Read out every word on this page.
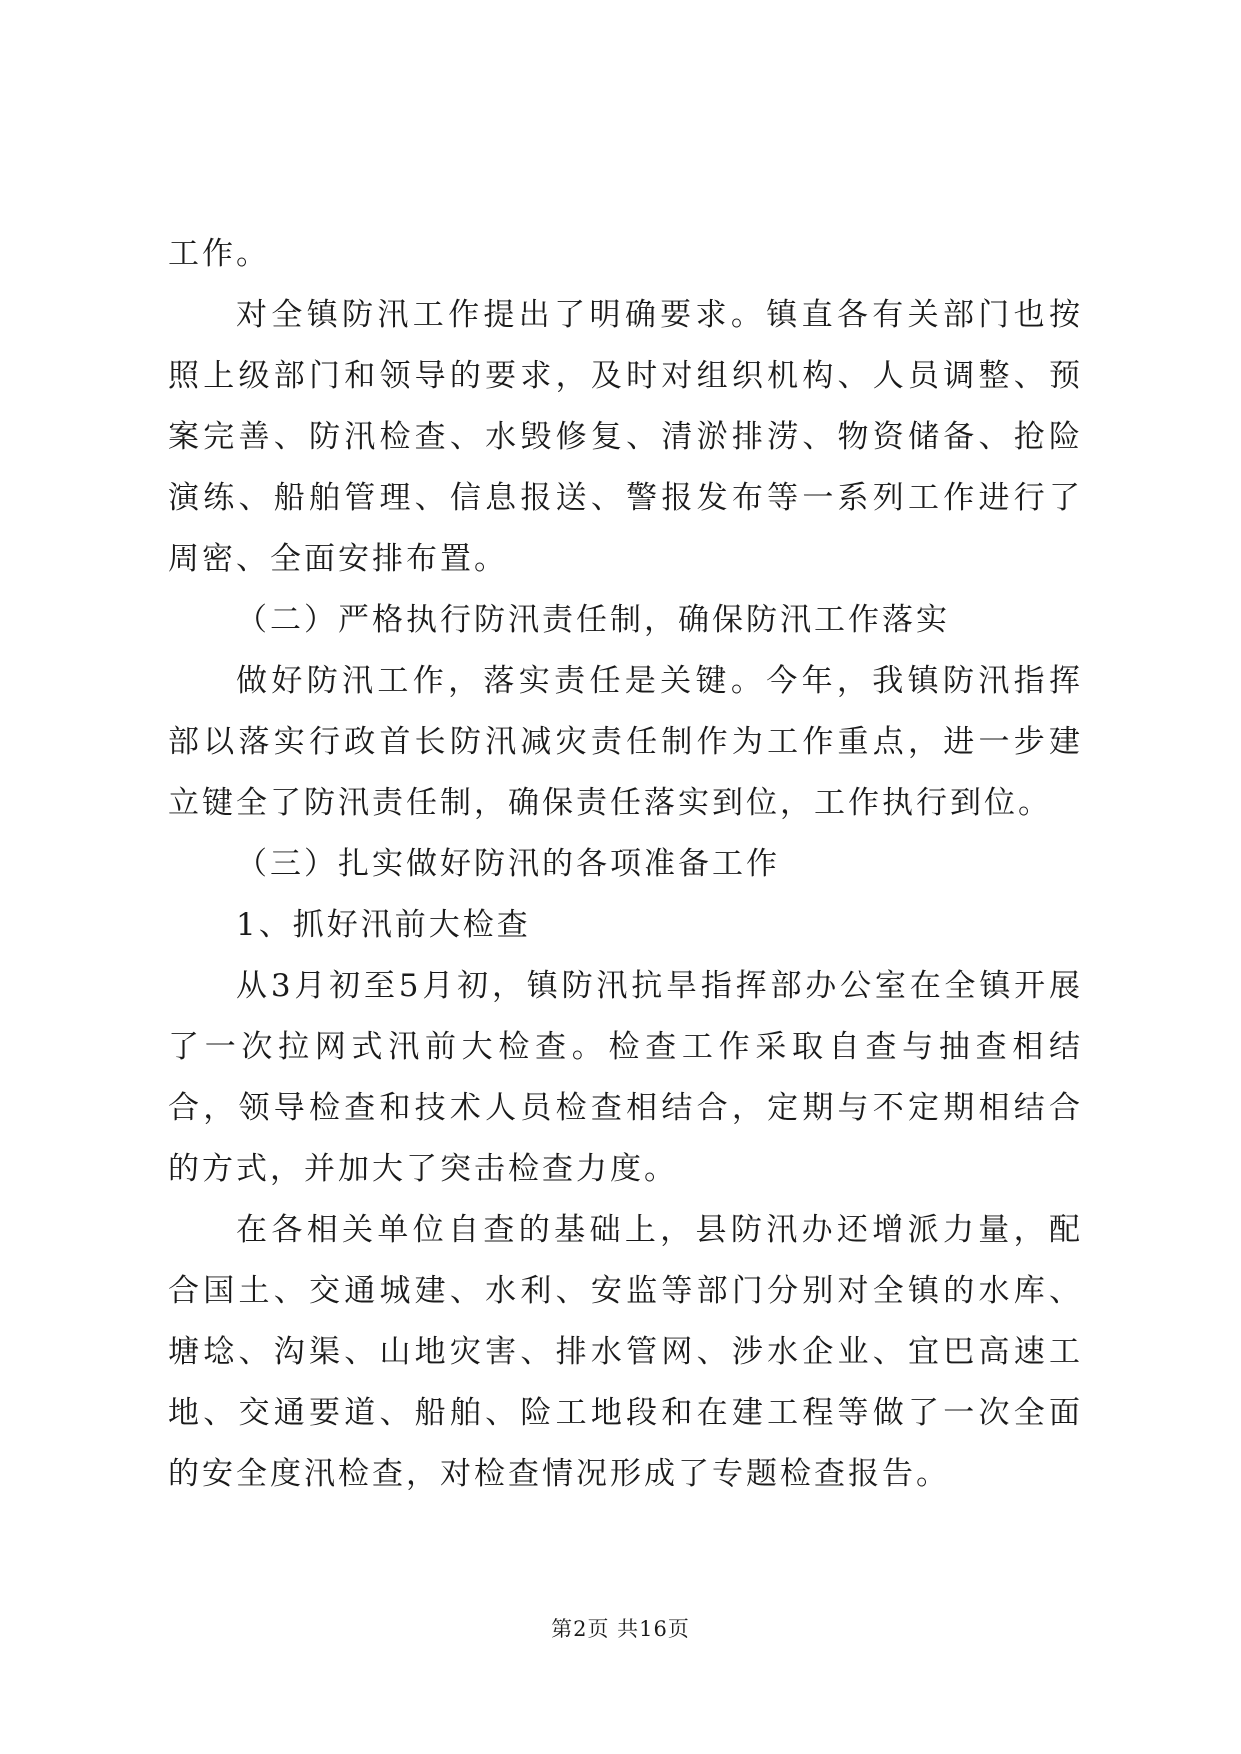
工作。

对全镇防汛工作提出了明确要求。镇直各有关部门也按照上级部门和领导的要求，及时对组织机构、人员调整、预案完善、防汛检查、水毁修复、清淤排涝、物资储备、抢险演练、船舶管理、信息报送、警报发布等一系列工作进行了周密、全面安排布置。

（二）严格执行防汛责任制，确保防汛工作落实

做好防汛工作，落实责任是关键。今年，我镇防汛指挥部以落实行政首长防汛减灾责任制作为工作重点，进一步建立键全了防汛责任制，确保责任落实到位，工作执行到位。

（三）扎实做好防汛的各项准备工作

1、抓好汛前大检查

从3月初至5月初，镇防汛抗旱指挥部办公室在全镇开展了一次拉网式汛前大检查。检查工作采取自查与抽查相结合，领导检查和技术人员检查相结合，定期与不定期相结合的方式，并加大了突击检查力度。

在各相关单位自查的基础上，县防汛办还增派力量，配合国土、交通城建、水利、安监等部门分别对全镇的水库、塘埝、沟渠、山地灾害、排水管网、涉水企业、宜巴高速工地、交通要道、船舶、险工地段和在建工程等做了一次全面的安全度汛检查，对检查情况形成了专题检查报告。

第2页 共16页
